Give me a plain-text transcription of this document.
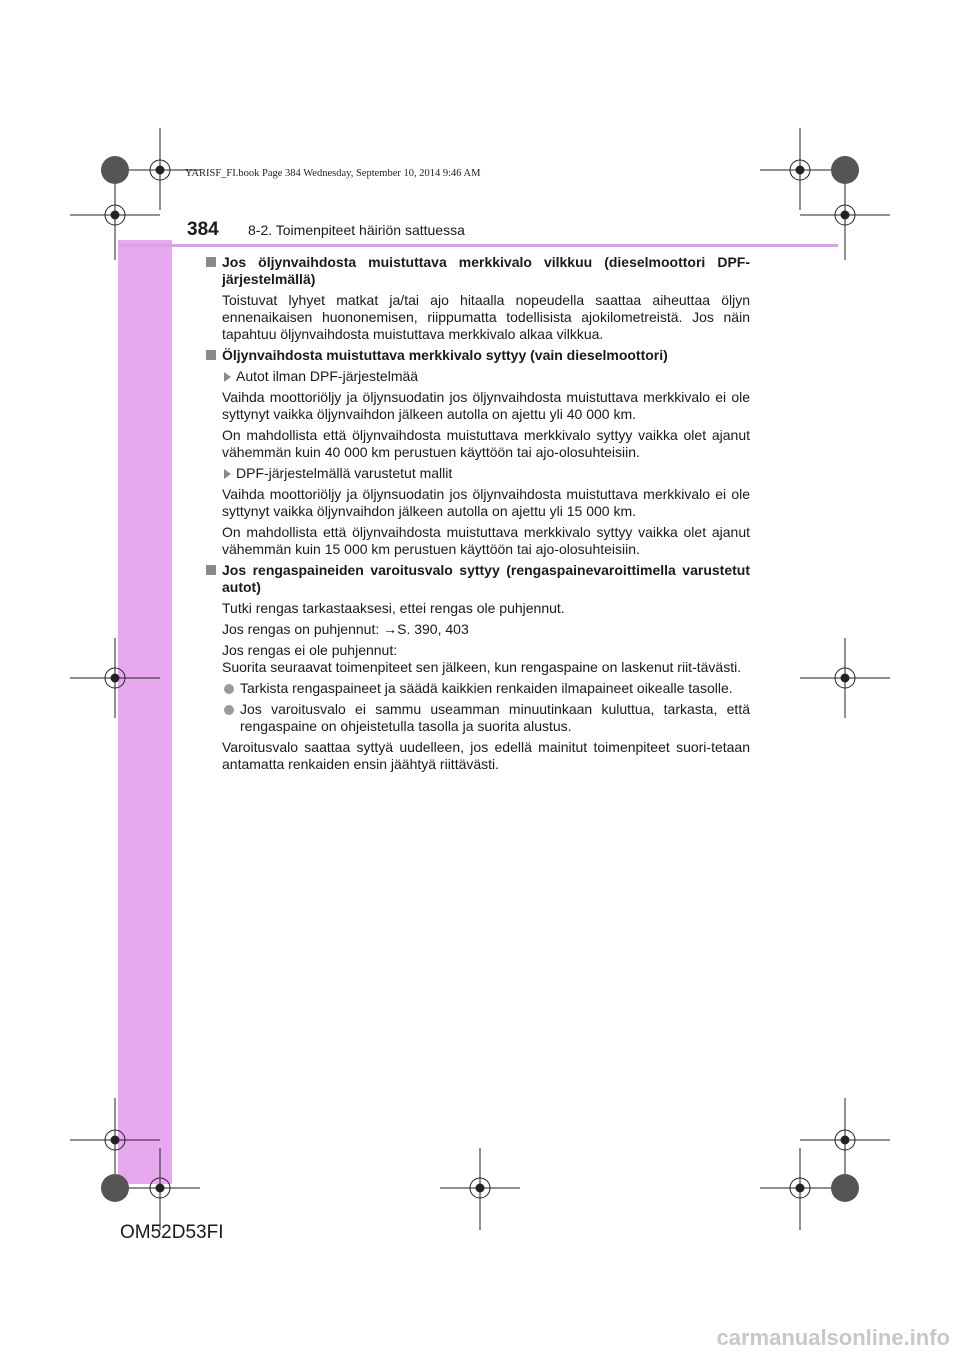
YARISF_FI.book Page 384 Wednesday, September 10, 2014 9:46 AM
384 8-2. Toimenpiteet häiriön sattuessa
Jos öljynvaihdosta muistuttava merkkivalo vilkkuu (dieselmoottori DPF-järjestelmällä)
Toistuvat lyhyet matkat ja/tai ajo hitaalla nopeudella saattaa aiheuttaa öljyn ennenaikaisen huononemisen, riippumatta todellisista ajokilometreistä. Jos näin tapahtuu öljynvaihdosta muistuttava merkkivalo alkaa vilkkua.
Öljynvaihdosta muistuttava merkkivalo syttyy (vain dieselmoottori)
Autot ilman DPF-järjestelmää
Vaihda moottoriöljy ja öljynsuodatin jos öljynvaihdosta muistuttava merkkivalo ei ole syttynyt vaikka öljynvaihdon jälkeen autolla on ajettu yli 40 000 km.
On mahdollista että öljynvaihdosta muistuttava merkkivalo syttyy vaikka olet ajanut vähemmän kuin 40 000 km perustuen käyttöön tai ajo-olosuhteisiin.
DPF-järjestelmällä varustetut mallit
Vaihda moottoriöljy ja öljynsuodatin jos öljynvaihdosta muistuttava merkkivalo ei ole syttynyt vaikka öljynvaihdon jälkeen autolla on ajettu yli 15 000 km.
On mahdollista että öljynvaihdosta muistuttava merkkivalo syttyy vaikka olet ajanut vähemmän kuin 15 000 km perustuen käyttöön tai ajo-olosuhteisiin.
Jos rengaspaineiden varoitusvalo syttyy (rengaspainevaroittimella varustetut autot)
Tutki rengas tarkastaaksesi, ettei rengas ole puhjennut.
Jos rengas on puhjennut: →S. 390, 403
Jos rengas ei ole puhjennut:
Suorita seuraavat toimenpiteet sen jälkeen, kun rengaspaine on laskenut riit-tävästi.
Tarkista rengaspaineet ja säädä kaikkien renkaiden ilmapaineet oikealle tasolle.
Jos varoitusvalo ei sammu useamman minuutinkaan kuluttua, tarkasta, että rengaspaine on ohjeistetulla tasolla ja suorita alustus.
Varoitusvalo saattaa syttyä uudelleen, jos edellä mainitut toimenpiteet suori-tetaan antamatta renkaiden ensin jäähtyä riittävästi.
OM52D53FI
carmanualsonline.info
